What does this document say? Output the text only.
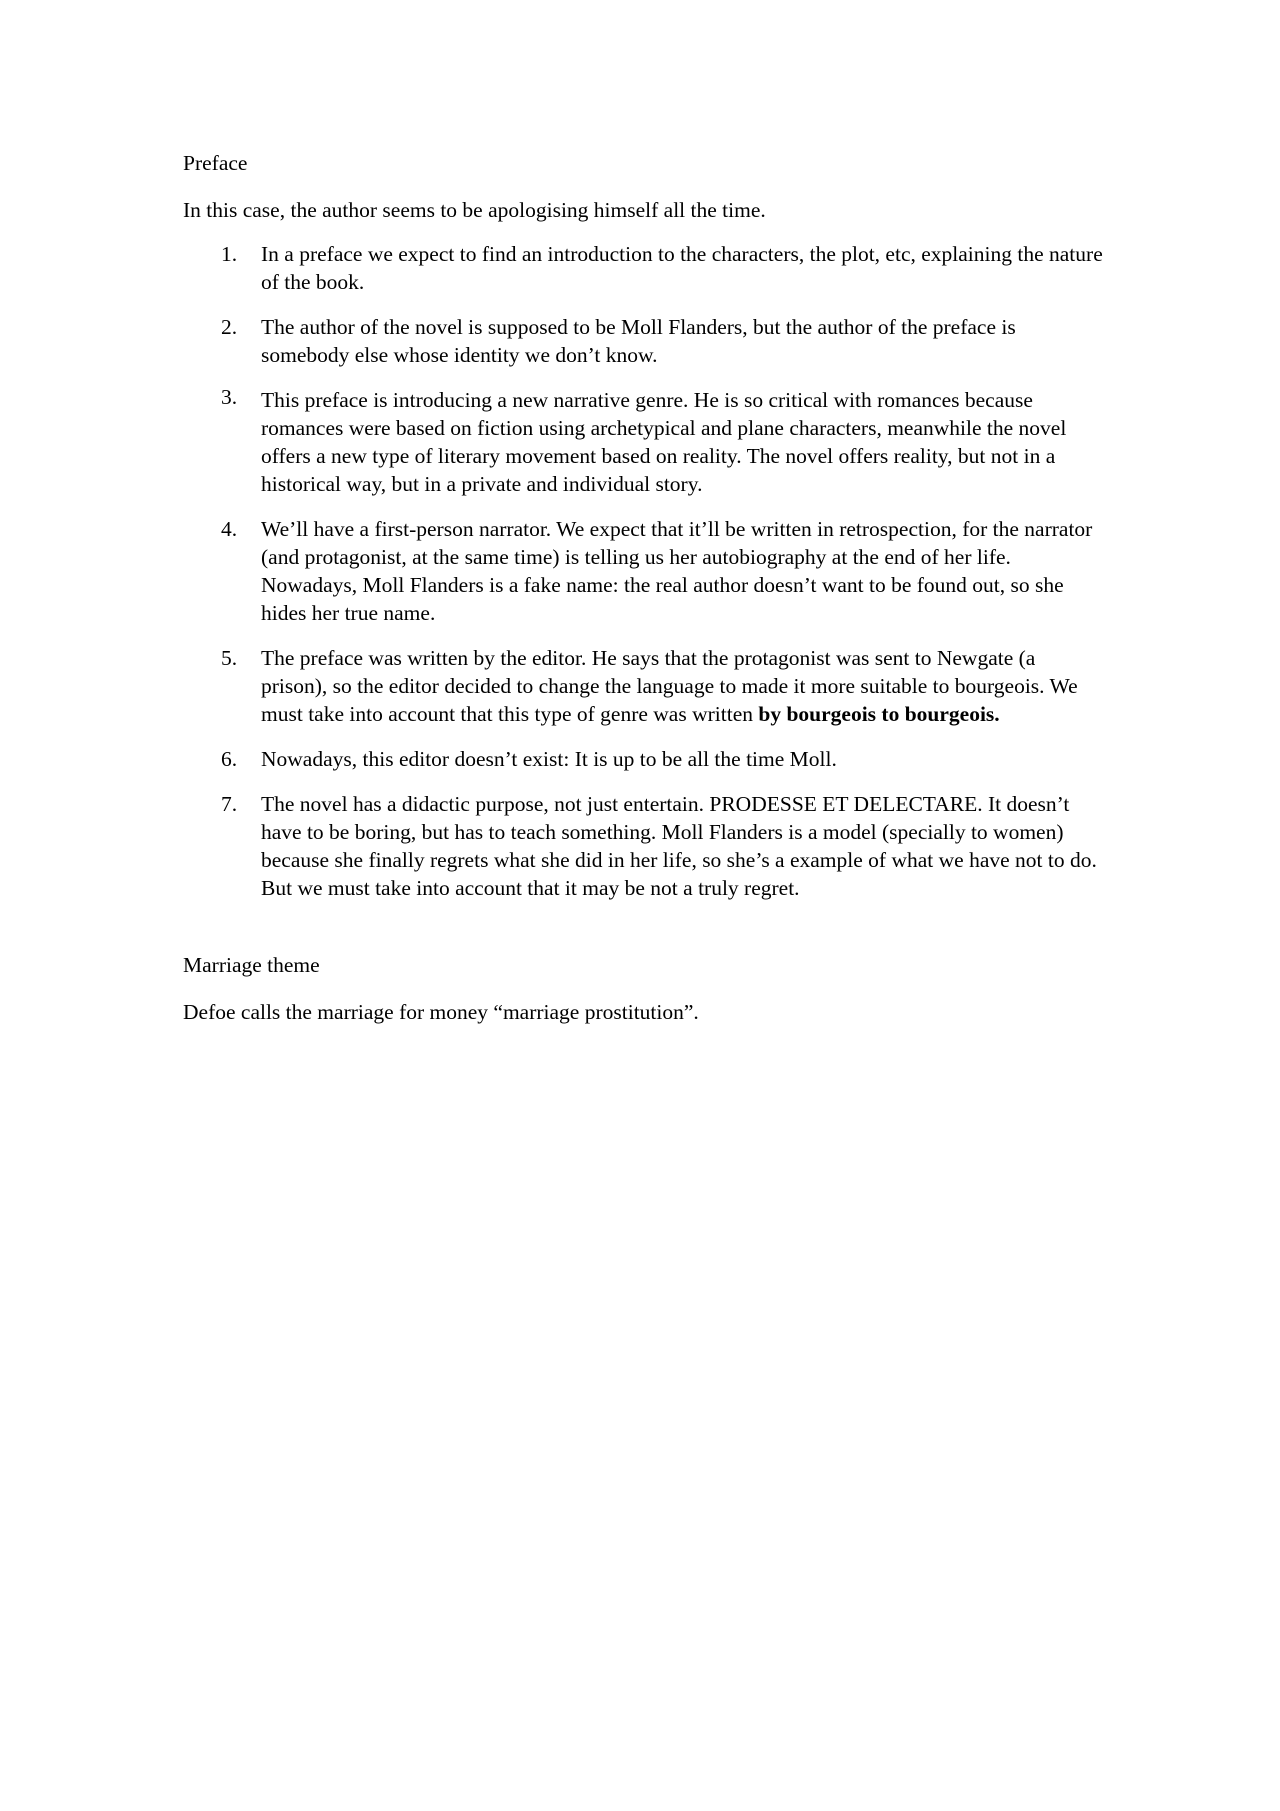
Preface

In this case, the author seems to be apologising himself all the time.

1. In a preface we expect to find an introduction to the characters, the plot, etc, explaining the nature of the book.
2. The author of the novel is supposed to be Moll Flanders, but the author of the preface is somebody else whose identity we don’t know.
3. This preface is introducing a new narrative genre. He is so critical with romances because romances were based on fiction using archetypical and plane characters, meanwhile the novel offers a new type of literary movement based on reality. The novel offers reality, but not in a historical way, but in a private and individual story.
4. We’ll have a first-person narrator. We expect that it’ll be written in retrospection, for the narrator (and protagonist, at the same time) is telling us her autobiography at the end of her life. Nowadays, Moll Flanders is a fake name: the real author doesn’t want to be found out, so she hides her true name.
5. The preface was written by the editor. He says that the protagonist was sent to Newgate (a prison), so the editor decided to change the language to made it more suitable to bourgeois. We must take into account that this type of genre was written by bourgeois to bourgeois.
6. Nowadays, this editor doesn’t exist: It is up to be all the time Moll.
7. The novel has a didactic purpose, not just entertain. PRODESSE ET DELECTARE. It doesn’t have to be boring, but has to teach something. Moll Flanders is a model (specially to women) because she finally regrets what she did in her life, so she’s a example of what we have not to do. But we must take into account that it may be not a truly regret.

Marriage theme

Defoe calls the marriage for money “marriage prostitution”.
